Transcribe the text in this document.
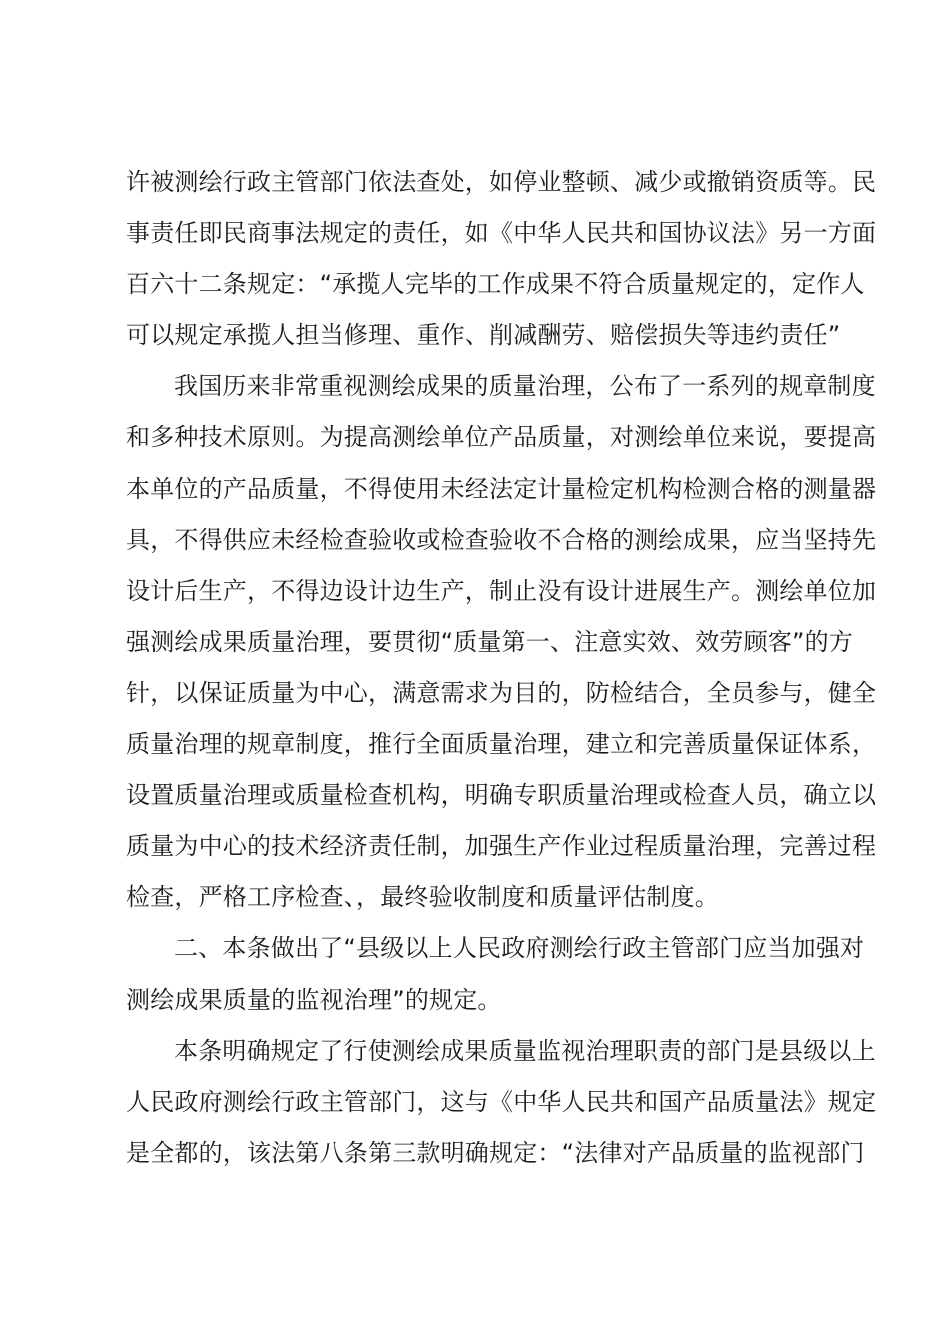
许被测绘行政主管部门依法查处，如停业整顿、减少或撤销资质等。民
事责任即民商事法规定的责任，如《中华人民共和国协议法》另一方面
百六十二条规定：“承揽人完毕的工作成果不符合质量规定的，定作人
可以规定承揽人担当修理、重作、削减酬劳、赔偿损失等违约责任”
我国历来非常重视测绘成果的质量治理，公布了一系列的规章制度
和多种技术原则。为提高测绘单位产品质量，对测绘单位来说，要提高
本单位的产品质量，不得使用未经法定计量检定机构检测合格的测量器
具，不得供应未经检查验收或检查验收不合格的测绘成果，应当坚持先
设计后生产，不得边设计边生产，制止没有设计进展生产。测绘单位加
强测绘成果质量治理，要贯彻“质量第一、注意实效、效劳顾客”的方
针，以保证质量为中心，满意需求为目的，防检结合，全员参与，健全
质量治理的规章制度，推行全面质量治理，建立和完善质量保证体系，
设置质量治理或质量检查机构，明确专职质量治理或检查人员，确立以
质量为中心的技术经济责任制，加强生产作业过程质量治理，完善过程
检查，严格工序检查、，最终验收制度和质量评估制度。
二、本条做出了“县级以上人民政府测绘行政主管部门应当加强对
测绘成果质量的监视治理”的规定。
本条明确规定了行使测绘成果质量监视治理职责的部门是县级以上
人民政府测绘行政主管部门，这与《中华人民共和国产品质量法》规定
是全都的，该法第八条第三款明确规定：“法律对产品质量的监视部门
